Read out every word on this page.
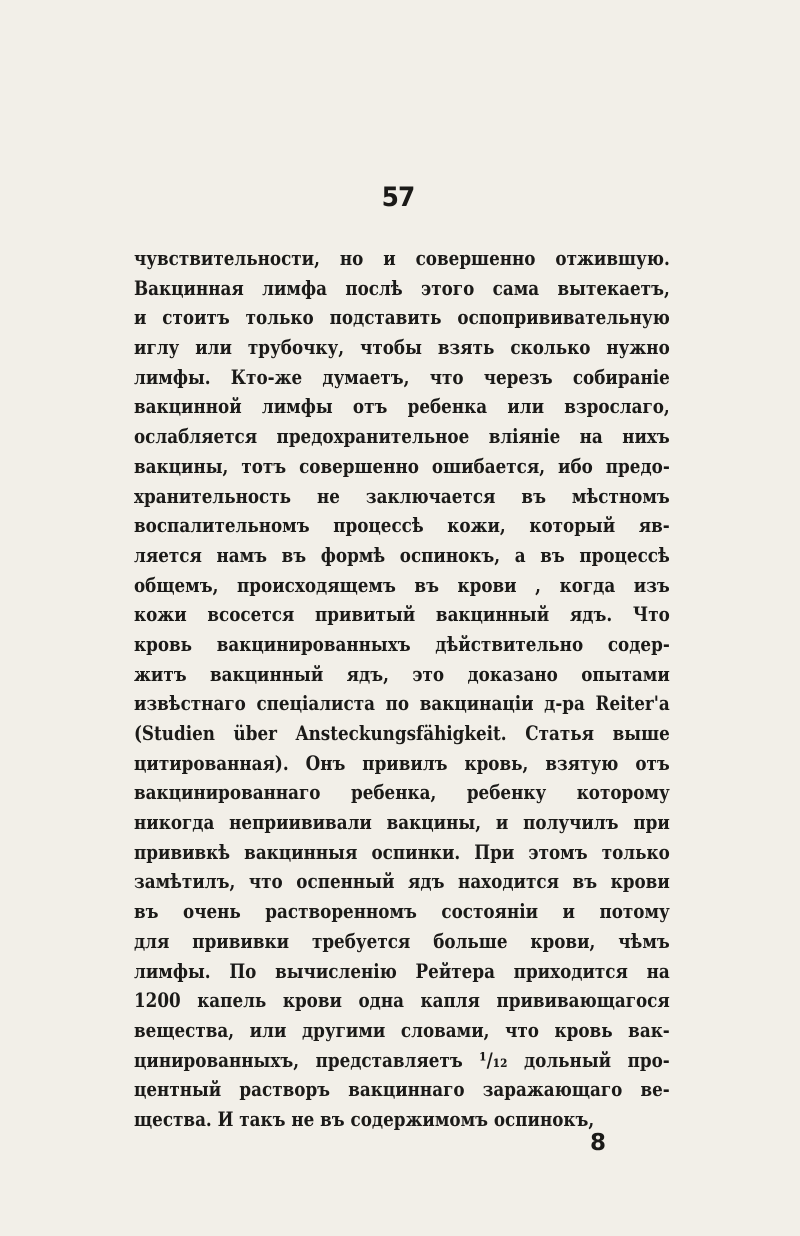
57
чувствительности, но и совершенно отжившую.
Вакцинная лимфа послѣ этого сама вытекаетъ,
и стоитъ только подставить оспопрививательную
иглу или трубочку, чтобы взять сколько нужно
лимфы. Кто-же думаетъ, что черезъ собираніе
вакцинной лимфы отъ ребенка или взрослаго,
ослабляется предохранительное вліяніе на нихъ
вакцины, тотъ совершенно ошибается, ибо предо-
хранительность не заключается въ мѣстномъ
воспалительномъ процессѣ кожи, который яв-
ляется намъ въ формѣ оспинокъ, а въ процессѣ
общемъ, происходящемъ въ крови , когда изъ
кожи всосется привитый вакцинный ядъ. Что
кровь вакцинированныхъ дѣйствительно содер-
житъ вакцинный ядъ, это доказано опытами
извѣстнаго спеціалиста по вакцинаціи д-ра Reiter'a
(Studien über Ansteckungsfähigkeit. Статья выше
цитированная). Онъ привилъ кровь, взятую отъ
вакцинированнаго ребенка, ребенку которому
никогда неприививали вакцины, и получилъ при
прививкѣ вакцинныя оспинки. При этомъ только
замѣтилъ, что оспенный ядъ находится въ крови
въ очень растворенномъ состояніи и потому
для прививки требуется больше крови, чѣмъ
лимфы. По вычисленію Рейтера приходится на
1200 капель крови одна капля прививающагося
вещества, или другими словами, что кровь вак-
цинированныхъ, представляетъ ¹/₁₂ дольный про-
центный растворъ вакциннаго заражающаго ве-
щества. И такъ не въ содержимомъ оспинокъ,
8
